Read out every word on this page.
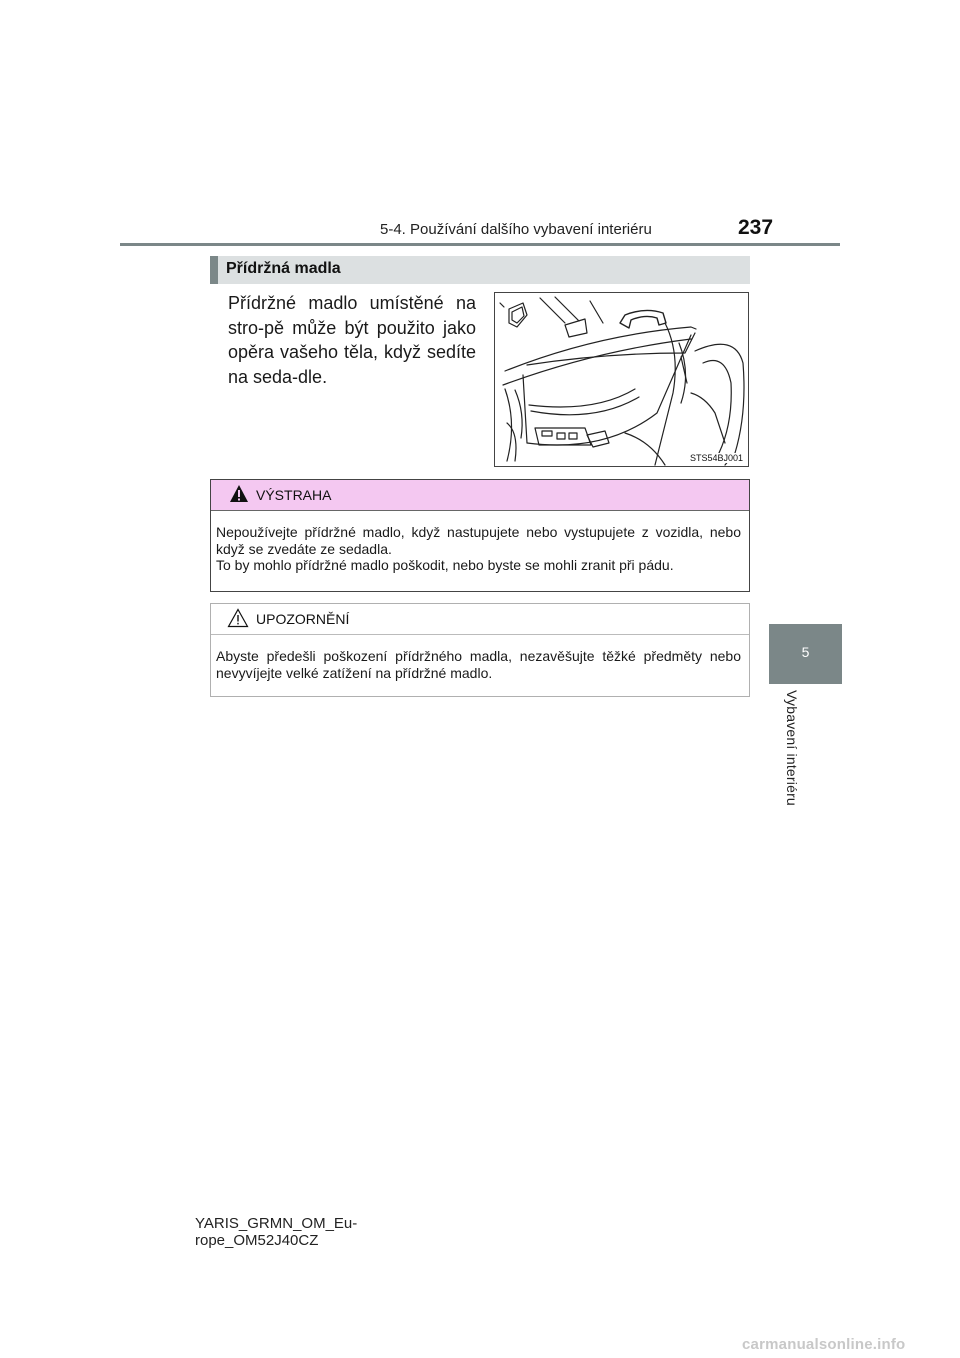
5-4. Používání dalšího vybavení interiéru	237
5
Vybavení interiéru
Přídržná madla

Přídržné madlo umístěné na stro-pě může být použito jako opěra vašeho těla, když sedíte na seda-dle.

STS54BJ001
VÝSTRAHA

Nepoužívejte přídržné madlo, když nastupujete nebo vystupujete z vozidla, nebo když se zvedáte ze sedadla.

To by mohlo přídržné madlo poškodit, nebo byste se mohli zranit při pádu.

UPOZORNĚNÍ

Abyste předešli poškození přídržného madla, nezavěšujte těžké předměty nebo nevyvíjejte velké zatížení na přídržné madlo.

YARIS_GRMN_OM_Eu-
rope_OM52J40CZ
carmanualsonline.info
